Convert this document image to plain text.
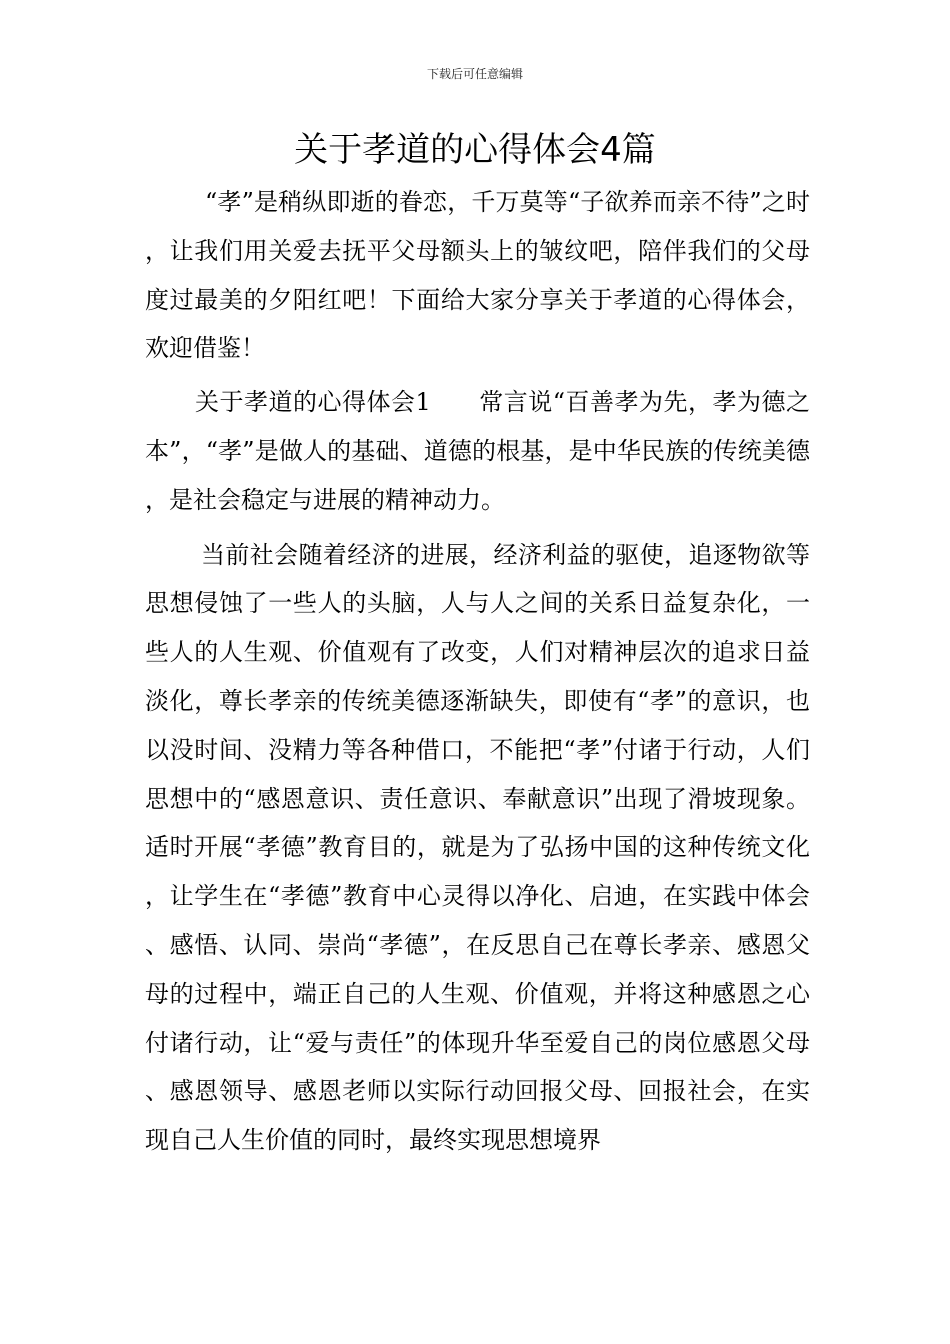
下载后可任意编辑
关于孝道的心得体会4篇

“孝”是稍纵即逝的眷恋，千万莫等“子欲养而亲不待”之时，让我们用关爱去抚平父母额头上的皱纹吧，陪伴我们的父母度过最美的夕阳红吧！下面给大家分享关于孝道的心得体会，欢迎借鉴！

关于孝道的心得体会1 常言说“百善孝为先，孝为德之本”，“孝”是做人的基础、道德的根基，是中华民族的传统美德，是社会稳定与进展的精神动力。

当前社会随着经济的进展，经济利益的驱使，追逐物欲等思想侵蚀了一些人的头脑，人与人之间的关系日益复杂化，一些人的人生观、价值观有了改变，人们对精神层次的追求日益淡化，尊长孝亲的传统美德逐渐缺失，即使有“孝”的意识，也以没时间、没精力等各种借口，不能把“孝”付诸于行动，人们思想中的“感恩意识、责任意识、奉献意识”出现了滑坡现象。适时开展“孝德”教育目的，就是为了弘扬中国的这种传统文化，让学生在“孝德”教育中心灵得以净化、启迪，在实践中体会、感悟、认同、崇尚“孝德”，在反思自己在尊长孝亲、感恩父母的过程中，端正自己的人生观、价值观，并将这种感恩之心付诸行动，让“爱与责任”的体现升华至爱自己的岗位感恩父母、感恩领导、感恩老师以实际行动回报父母、回报社会，在实现自己人生价值的同时，最终实现思想境界
